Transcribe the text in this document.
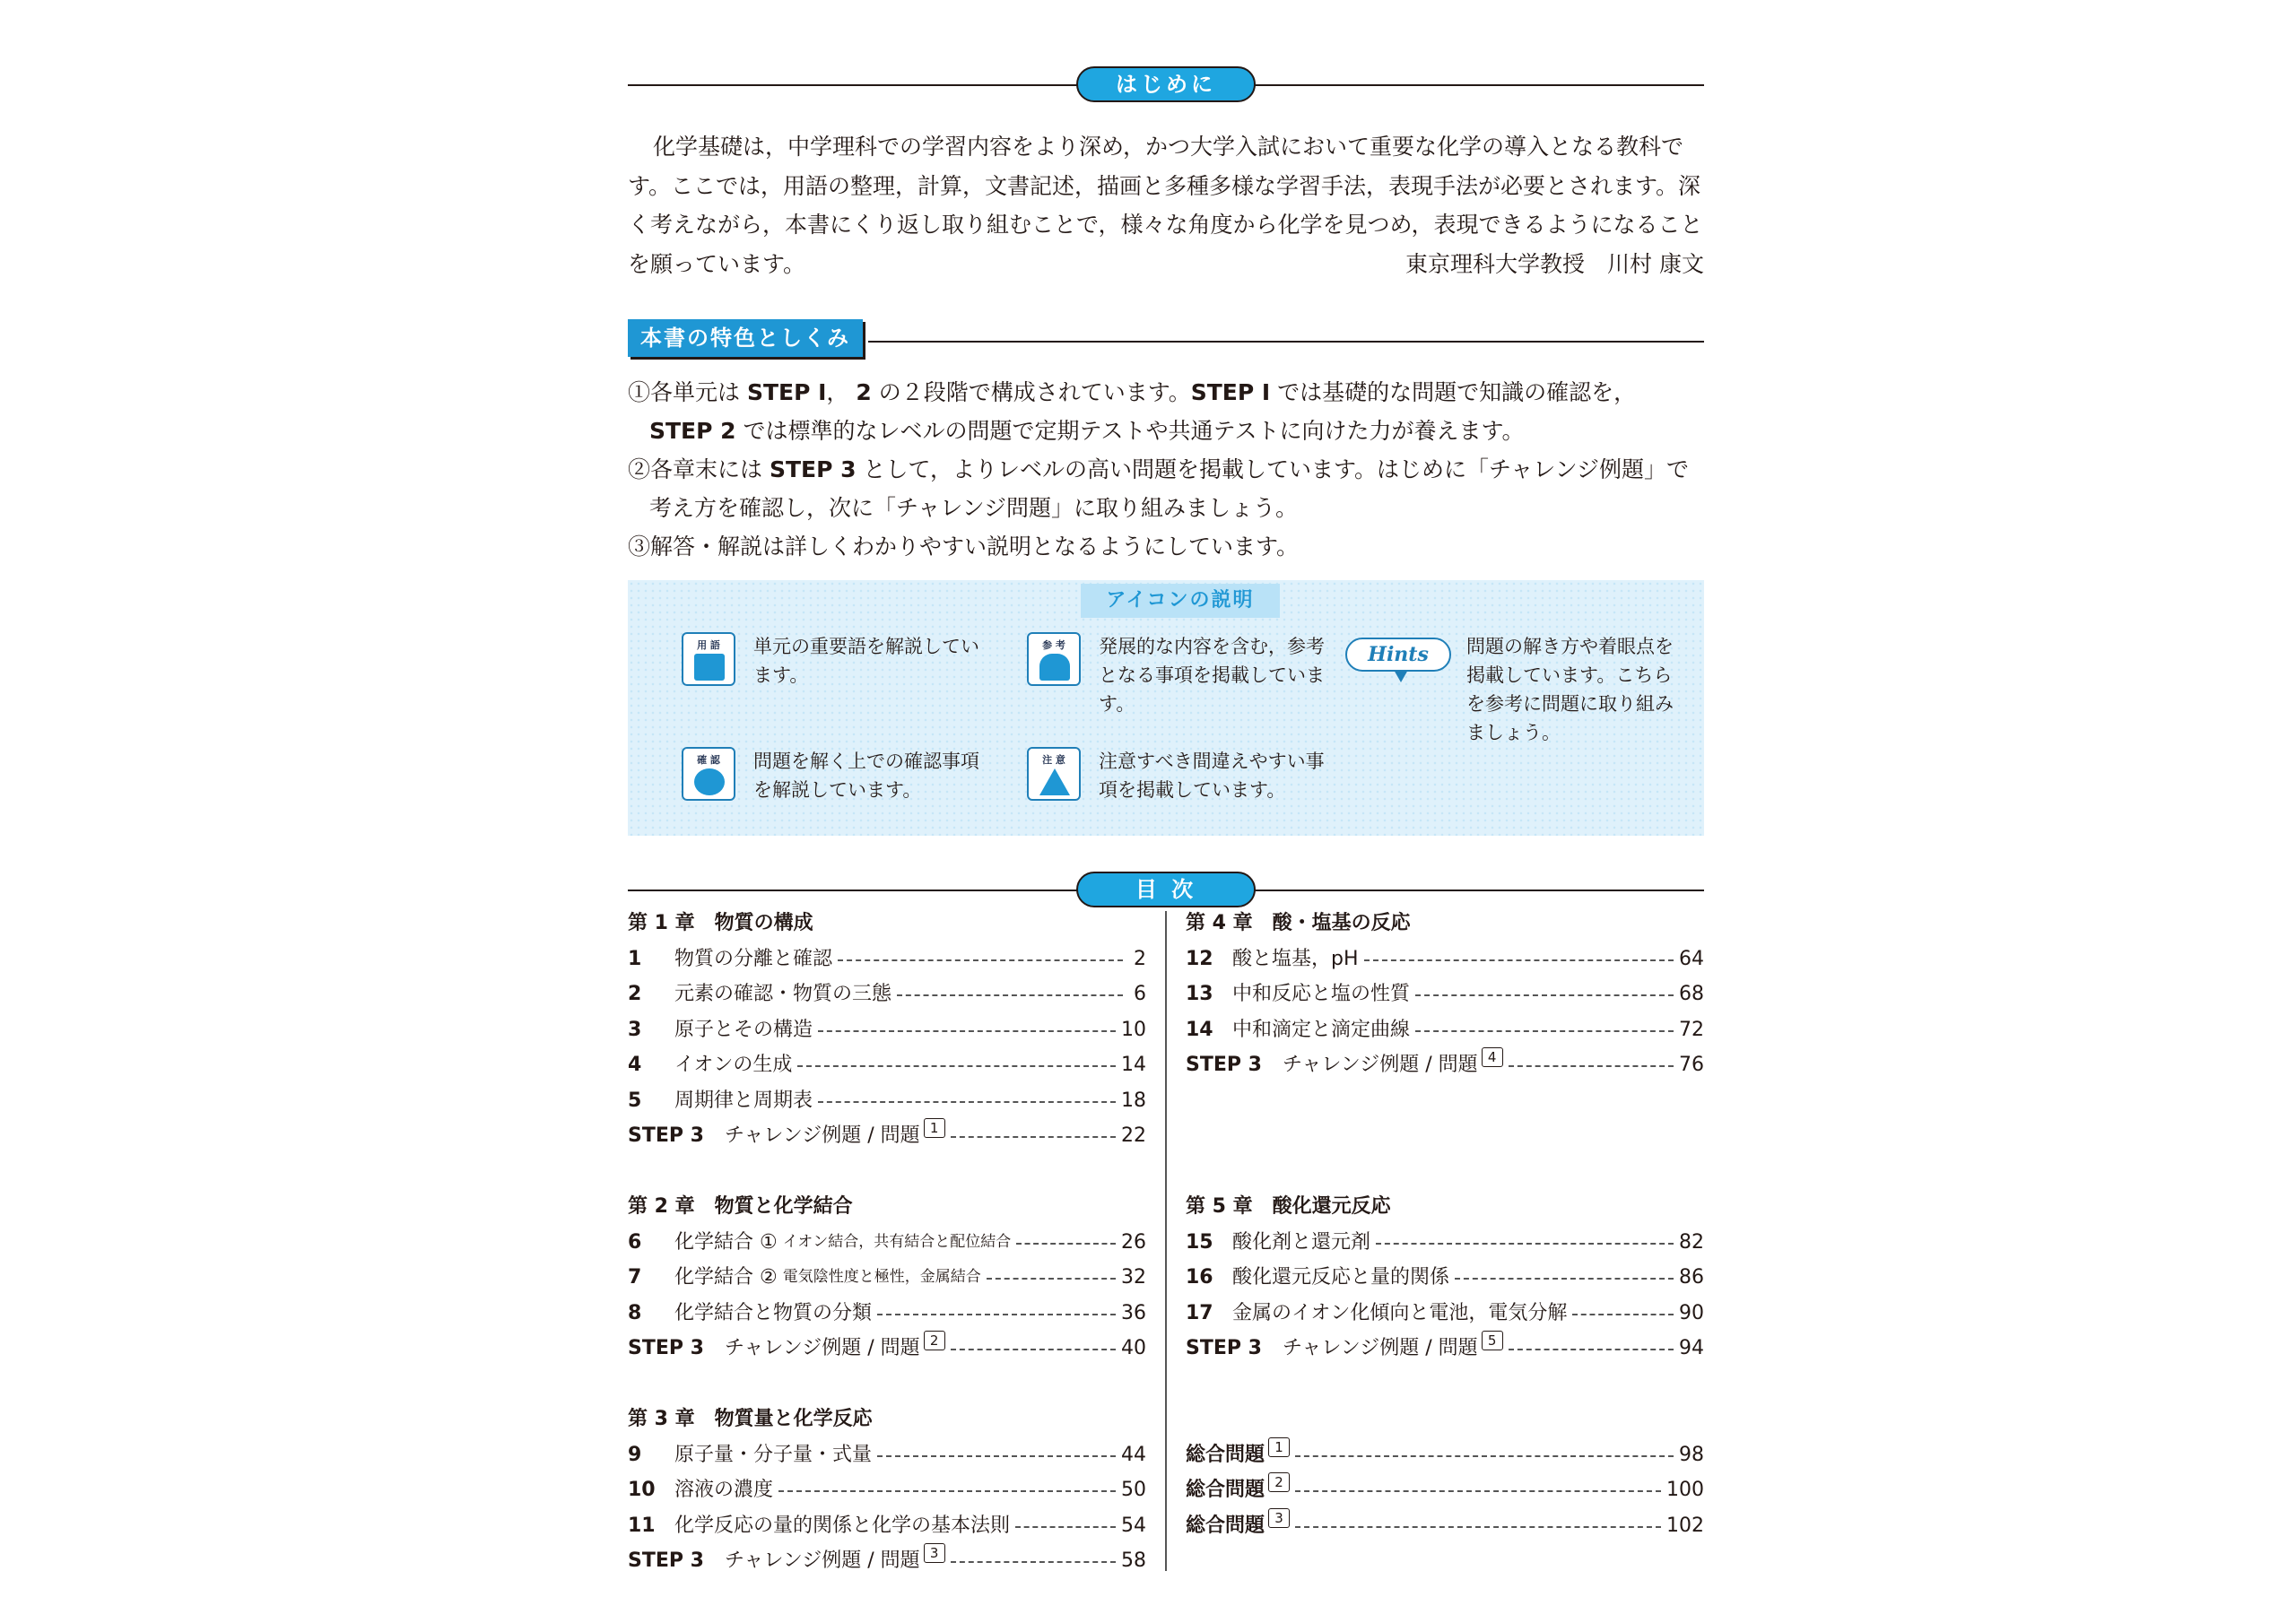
はじめに

化学基礎は，中学理科での学習内容をより深め，かつ大学入試において重要な化学の導入となる教科です。ここでは，用語の整理，計算，文書記述，描画と多種多様な学習手法，表現手法が必要とされます。深く考えながら，本書にくり返し取り組むことで，様々な角度から化学を見つめ，表現できるようになることを願っています。	東京理科大学教授　川村 康文
本書の特色としくみ
①各単元は STEP Ⅰ， 2 の２段階で構成されています。STEP Ⅰ では基礎的な問題で知識の確認を，
STEP 2 では標準的なレベルの問題で定期テストや共通テストに向けた力が養えます。
②各章末には STEP 3 として，よりレベルの高い問題を掲載しています。はじめに「チャレンジ例題」で考え方を確認し，次に「チャレンジ問題」に取り組みましょう。
③解答・解説は詳しくわかりやすい説明となるようにしています。
アイコンの説明
用 語	単元の重要語を解説しています。
参 考	発展的な内容を含む，参考となる事項を掲載しています。
Hints	問題の解き方や着眼点を掲載しています。こちらを参考に問題に取り組みましょう。
確 認	問題を解く上での確認事項を解説しています。
注 意	注意すべき間違えやすい事項を掲載しています。
目 次
第 1 章　物質の構成
1	物質の分離と確認	2
2	元素の確認・物質の三態	6
3	原子とその構造	10
4	イオンの生成	14
5	周期律と周期表	18
STEP 3	チャレンジ例題 / 問題 1	22
第 2 章　物質と化学結合
6	化学結合 ① イオン結合，共有結合と配位結合	26
7	化学結合 ② 電気陰性度と極性，金属結合	32
8	化学結合と物質の分類	36
STEP 3	チャレンジ例題 / 問題 2	40
第 3 章　物質量と化学反応
9	原子量・分子量・式量	44
10 溶液の濃度	50
11 化学反応の量的関係と化学の基本法則	54
STEP 3	チャレンジ例題 / 問題 3	58
第 4 章　酸・塩基の反応
12 酸と塩基，pH	64
13 中和反応と塩の性質	68
14 中和滴定と滴定曲線	72
STEP 3	チャレンジ例題 / 問題 4	76
第 5 章　酸化還元反応
15 酸化剤と還元剤	82
16 酸化還元反応と量的関係	86
17 金属のイオン化傾向と電池，電気分解	90
STEP 3	チャレンジ例題 / 問題 5	94
総合問題 1	98
総合問題 2	100
総合問題 3	102
